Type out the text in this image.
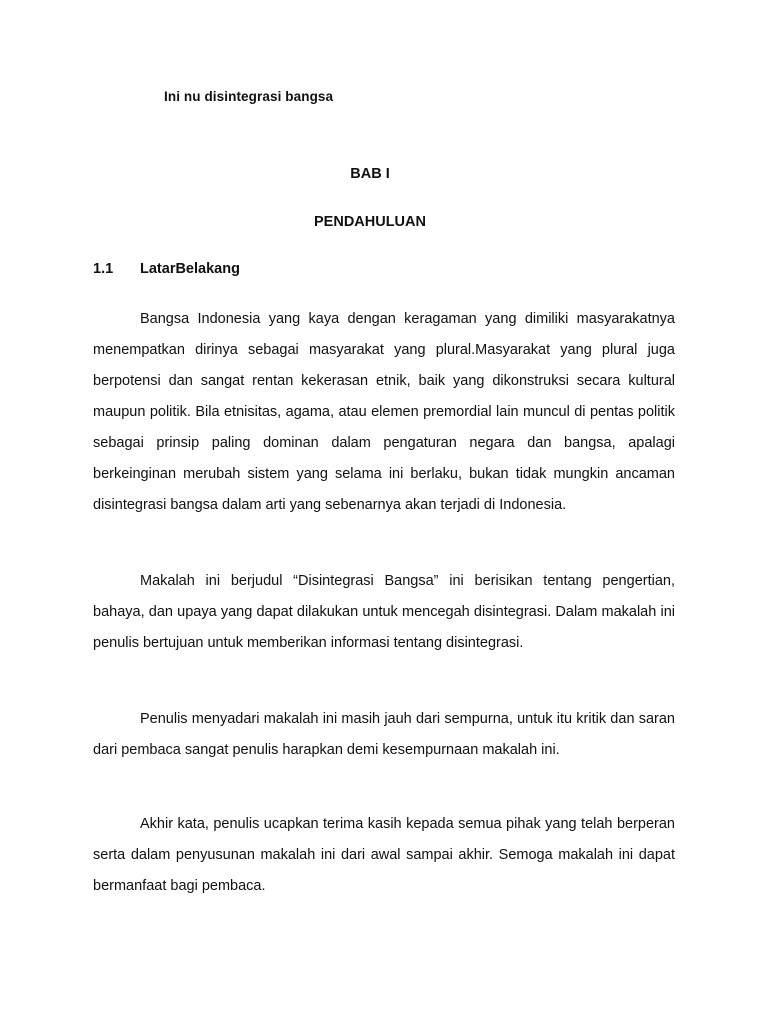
Ini nu disintegrasi bangsa
BAB I
PENDAHULUAN
1.1 LatarBelakang

Bangsa Indonesia yang kaya dengan keragaman yang dimiliki masyarakatnya menempatkan dirinya sebagai masyarakat yang plural.Masyarakat yang plural juga berpotensi dan sangat rentan kekerasan etnik, baik yang dikonstruksi secara kultural maupun politik. Bila etnisitas, agama, atau elemen premordial lain muncul di pentas politik sebagai prinsip paling dominan dalam pengaturan negara dan bangsa, apalagi berkeinginan merubah sistem yang selama ini berlaku, bukan tidak mungkin ancaman disintegrasi bangsa dalam arti yang sebenarnya akan terjadi di Indonesia.

Makalah ini berjudul “Disintegrasi Bangsa” ini berisikan tentang pengertian, bahaya, dan upaya yang dapat dilakukan untuk mencegah disintegrasi. Dalam makalah ini penulis bertujuan untuk memberikan informasi tentang disintegrasi.

Penulis menyadari makalah ini masih jauh dari sempurna, untuk itu kritik dan saran dari pembaca sangat penulis harapkan demi kesempurnaan makalah ini.

Akhir kata, penulis ucapkan terima kasih kepada semua pihak yang telah berperan serta dalam penyusunan makalah ini dari awal sampai akhir. Semoga makalah ini dapat bermanfaat bagi pembaca.
